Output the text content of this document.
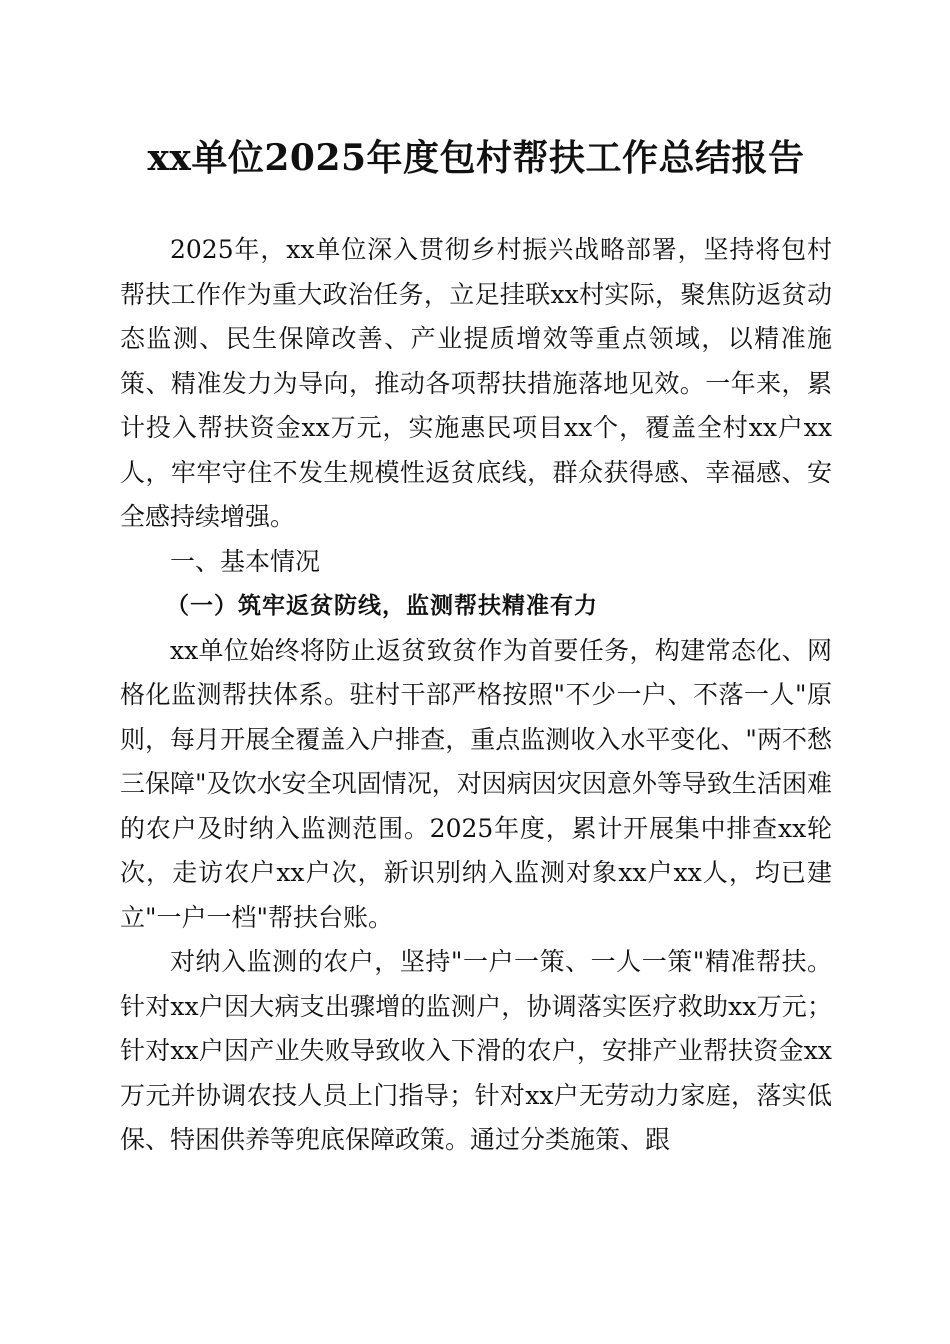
xx单位2025年度包村帮扶工作总结报告

2025年，xx单位深入贯彻乡村振兴战略部署，坚持将包村帮扶工作作为重大政治任务，立足挂联xx村实际，聚焦防返贫动态监测、民生保障改善、产业提质增效等重点领域，以精准施策、精准发力为导向，推动各项帮扶措施落地见效。一年来，累计投入帮扶资金xx万元，实施惠民项目xx个，覆盖全村xx户xx人，牢牢守住不发生规模性返贫底线，群众获得感、幸福感、安全感持续增强。

一、基本情况
（一）筑牢返贫防线，监测帮扶精准有力

xx单位始终将防止返贫致贫作为首要任务，构建常态化、网格化监测帮扶体系。驻村干部严格按照"不少一户、不落一人"原则，每月开展全覆盖入户排查，重点监测收入水平变化、"两不愁三保障"及饮水安全巩固情况，对因病因灾因意外等导致生活困难的农户及时纳入监测范围。2025年度，累计开展集中排查xx轮次，走访农户xx户次，新识别纳入监测对象xx户xx人，均已建立"一户一档"帮扶台账。

对纳入监测的农户，坚持"一户一策、一人一策"精准帮扶。针对xx户因大病支出骤增的监测户，协调落实医疗救助xx万元；针对xx户因产业失败导致收入下滑的农户，安排产业帮扶资金xx万元并协调农技人员上门指导；针对xx户无劳动力家庭，落实低保、特困供养等兜底保障政策。通过分类施策、跟
